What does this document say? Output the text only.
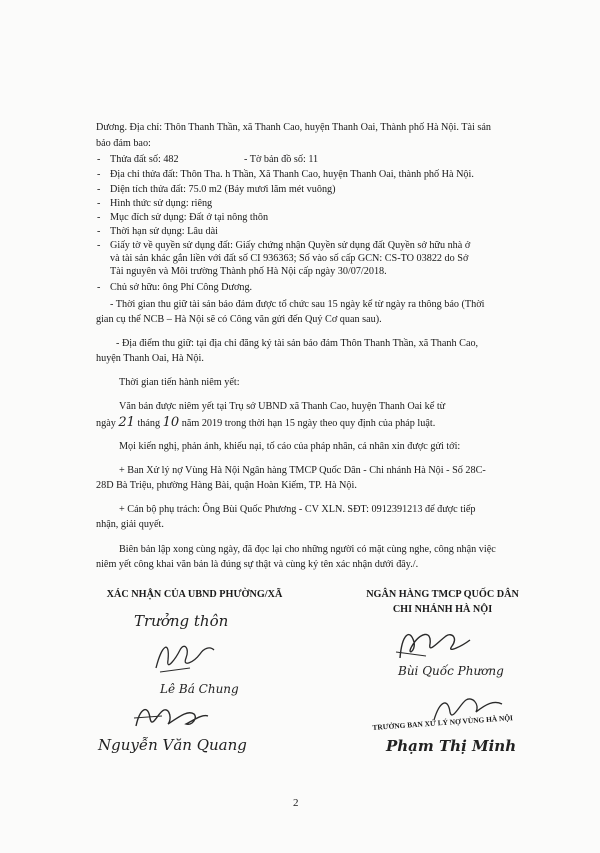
Dương. Địa chỉ: Thôn Thanh Thần, xã Thanh Cao, huyện Thanh Oai, Thành phố Hà Nội. Tài sản
bảo đảm bao:
- Thửa đất số: 482	- Tờ bản đồ số: 11
- Địa chỉ thửa đất: Thôn Tha. h Thần, Xã Thanh Cao, huyện Thanh Oai, thành phố Hà Nội.
- Diện tích thửa đất: 75.0 m2 (Bảy mươi lăm mét vuông)
- Hình thức sử dụng: riêng
- Mục đích sử dụng: Đất ở tại nông thôn
- Thời hạn sử dụng: Lâu dài
- Giấy tờ về quyền sử dụng đất: Giấy chứng nhận Quyền sử dụng đất Quyền sở hữu nhà ở
và tài sản khác gắn liền với đất số CI 936363; Số vào số cấp GCN: CS-TO 03822 do Sở
Tài nguyên và Môi trường Thành phố Hà Nội cấp ngày 30/07/2018.
- Chủ sở hữu: ông Phí Công Dương.
- Thời gian thu giữ tài sản bảo đảm được tổ chức sau 15 ngày kể từ ngày ra thông báo (Thời
gian cụ thể NCB – Hà Nội sẽ có Công văn gửi đến Quý Cơ quan sau).
- Địa điểm thu giữ: tại địa chỉ đăng ký tài sản bảo đảm Thôn Thanh Thần, xã Thanh Cao,
huyện Thanh Oai, Hà Nội.
Thời gian tiến hành niêm yết:
Văn bản được niêm yết tại Trụ sở UBND xã Thanh Cao, huyện Thanh Oai kể từ
ngày 21 tháng 10 năm 2019 trong thời hạn 15 ngày theo quy định của pháp luật.
Mọi kiến nghị, phản ánh, khiếu nại, tố cáo của pháp nhân, cá nhân xin được gửi tới:
+ Ban Xử lý nợ Vùng Hà Nội Ngân hàng TMCP Quốc Dân - Chi nhánh Hà Nội - Số 28C-
28D Bà Triệu, phường Hàng Bài, quận Hoàn Kiếm, TP. Hà Nội.
+ Cán bộ phụ trách: Ông Bùi Quốc Phương - CV XLN. SĐT: 0912391213 để được tiếp
nhận, giải quyết.
Biên bản lập xong cùng ngày, đã đọc lại cho những người có mặt cùng nghe, công nhận việc
niêm yết công khai văn bản là đúng sự thật và cùng ký tên xác nhận dưới đây./.
XÁC NHẬN CỦA UBND PHƯỜNG/XÃ
Trưởng thôn
Lê Bá Chung
Nguyễn Văn Quang
NGÂN HÀNG TMCP QUỐC DÂN
CHI NHÁNH HÀ NỘI
Bùi Quốc Phương
TRƯỞNG BAN XỬ LÝ NỢ VÙNG HÀ NỘI
Phạm Thị Minh
2
